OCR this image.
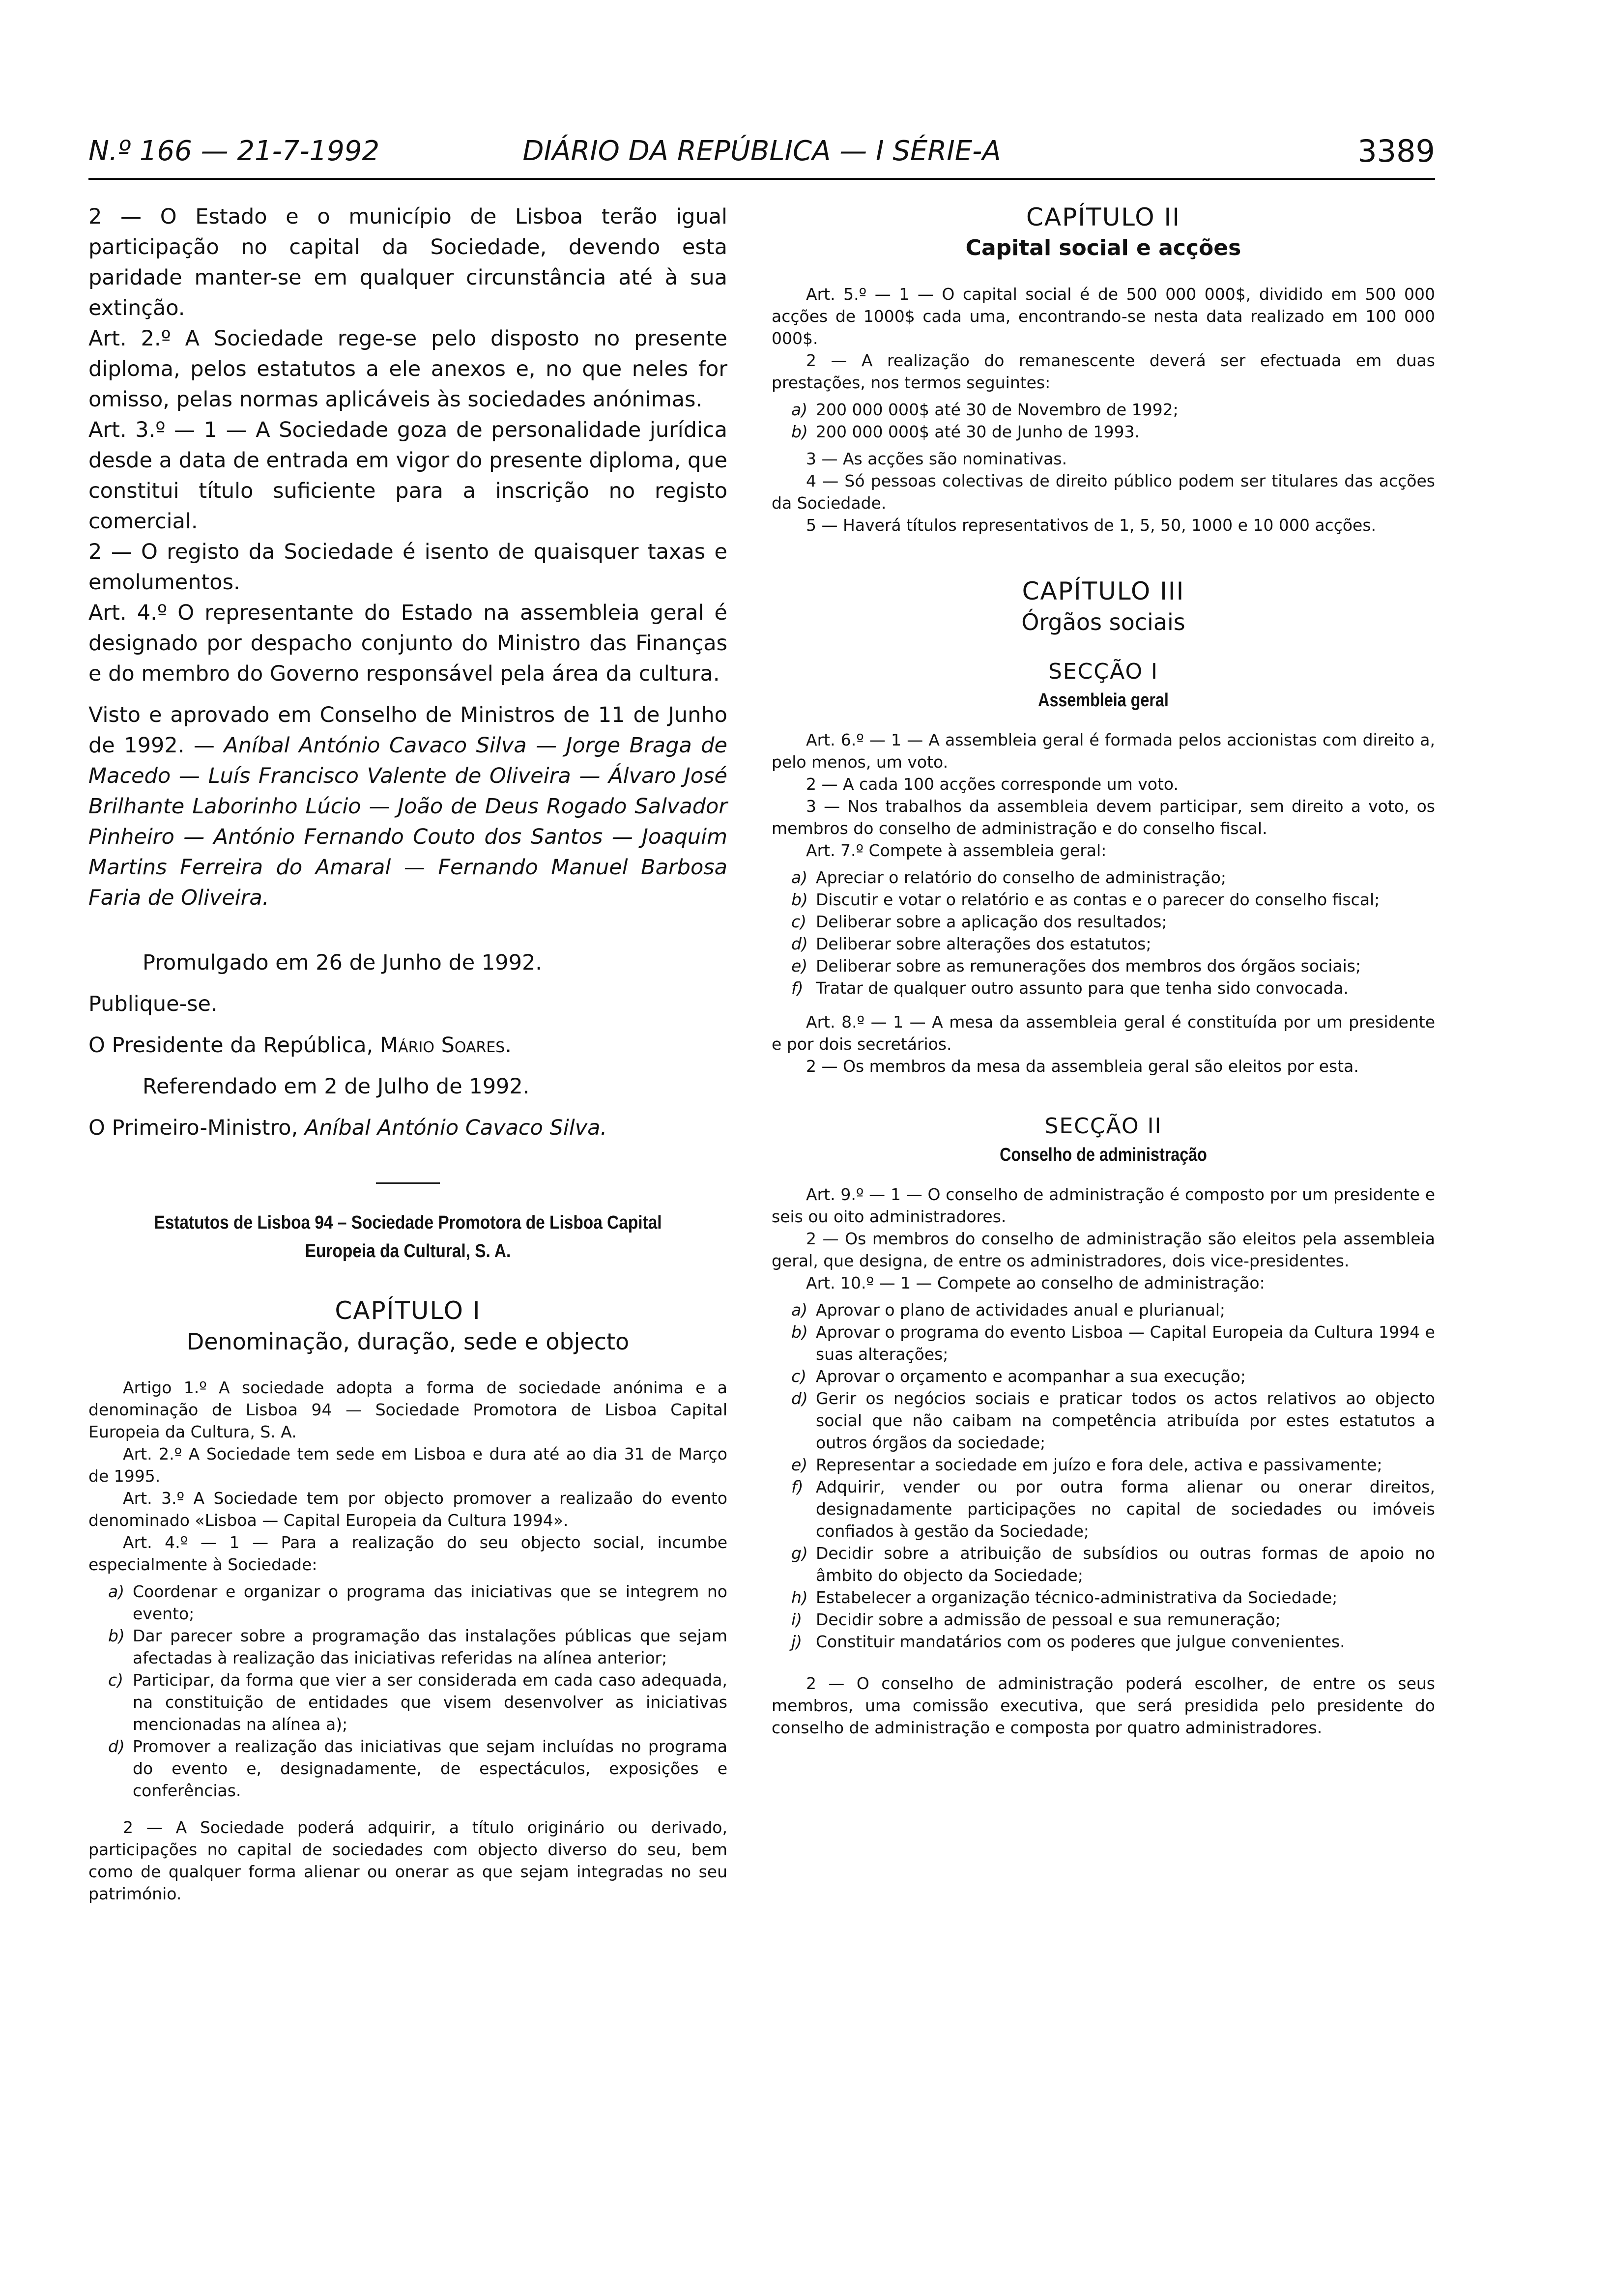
N.º 166 — 21-7-1992	DIÁRIO DA REPÚBLICA — I SÉRIE-A	3389

2 — O Estado e o município de Lisboa terão igual participação no capital da Sociedade, devendo esta paridade manter-se em qualquer circunstância até à sua extinção.

Art. 2.º A Sociedade rege-se pelo disposto no presente diploma, pelos estatutos a ele anexos e, no que neles for omisso, pelas normas aplicáveis às sociedades anónimas.

Art. 3.º — 1 — A Sociedade goza de personalidade jurídica desde a data de entrada em vigor do presente diploma, que constitui título suficiente para a inscrição no registo comercial.

2 — O registo da Sociedade é isento de quaisquer taxas e emolumentos.

Art. 4.º O representante do Estado na assembleia geral é designado por despacho conjunto do Ministro das Finanças e do membro do Governo responsável pela área da cultura.

Visto e aprovado em Conselho de Ministros de 11 de Junho de 1992. — Aníbal António Cavaco Silva — Jorge Braga de Macedo — Luís Francisco Valente de Oliveira — Álvaro José Brilhante Laborinho Lúcio — João de Deus Rogado Salvador Pinheiro — António Fernando Couto dos Santos — Joaquim Martins Ferreira do Amaral — Fernando Manuel Barbosa Faria de Oliveira.

Promulgado em 26 de Junho de 1992.

Publique-se.

O Presidente da República, Mário Soares.

Referendado em 2 de Julho de 1992.

O Primeiro-Ministro, Aníbal António Cavaco Silva.

Estatutos de Lisboa 94 – Sociedade Promotora de Lisboa Capital Europeia da Cultural, S. A.

CAPÍTULO I

Denominação, duração, sede e objecto

Artigo 1.º A sociedade adopta a forma de sociedade anónima e a denominação de Lisboa 94 — Sociedade Promotora de Lisboa Capital Europeia da Cultura, S. A.

Art. 2.º A Sociedade tem sede em Lisboa e dura até ao dia 31 de Março de 1995.

Art. 3.º A Sociedade tem por objecto promover a realizaão do evento denominado «Lisboa — Capital Europeia da Cultura 1994».

Art. 4.º — 1 — Para a realização do seu objecto social, incumbe especialmente à Sociedade:

a) Coordenar e organizar o programa das iniciativas que se integrem no evento;
b) Dar parecer sobre a programação das instalações públicas que sejam afectadas à realização das iniciativas referidas na alínea anterior;
c) Participar, da forma que vier a ser considerada em cada caso adequada, na constituição de entidades que visem desenvolver as iniciativas mencionadas na alínea a);
d) Promover a realização das iniciativas que sejam incluídas no programa do evento e, designadamente, de espectáculos, exposições e conferências.

2 — A Sociedade poderá adquirir, a título originário ou derivado, participações no capital de sociedades com objecto diverso do seu, bem como de qualquer forma alienar ou onerar as que sejam integradas no seu património.

CAPÍTULO II

Capital social e acções

Art. 5.º — 1 — O capital social é de 500 000 000$, dividido em 500 000 acções de 1000$ cada uma, encontrando-se nesta data realizado em 100 000 000$.

2 — A realização do remanescente deverá ser efectuada em duas prestações, nos termos seguintes:

a) 200 000 000$ até 30 de Novembro de 1992;
b) 200 000 000$ até 30 de Junho de 1993.

3 — As acções são nominativas.

4 — Só pessoas colectivas de direito público podem ser titulares das acções da Sociedade.

5 — Haverá títulos representativos de 1, 5, 50, 1000 e 10 000 acções.

CAPÍTULO III

Órgãos sociais

SECÇÃO I

Assembleia geral

Art. 6.º — 1 — A assembleia geral é formada pelos accionistas com direito a, pelo menos, um voto.

2 — A cada 100 acções corresponde um voto.

3 — Nos trabalhos da assembleia devem participar, sem direito a voto, os membros do conselho de administração e do conselho fiscal.

Art. 7.º Compete à assembleia geral:

a) Apreciar o relatório do conselho de administração;
b) Discutir e votar o relatório e as contas e o parecer do conselho fiscal;
c) Deliberar sobre a aplicação dos resultados;
d) Deliberar sobre alterações dos estatutos;
e) Deliberar sobre as remunerações dos membros dos órgãos sociais;
f) Tratar de qualquer outro assunto para que tenha sido convocada.

Art. 8.º — 1 — A mesa da assembleia geral é constituída por um presidente e por dois secretários.

2 — Os membros da mesa da assembleia geral são eleitos por esta.

SECÇÃO II

Conselho de administração

Art. 9.º — 1 — O conselho de administração é composto por um presidente e seis ou oito administradores.

2 — Os membros do conselho de administração são eleitos pela assembleia geral, que designa, de entre os administradores, dois vice-presidentes.

Art. 10.º — 1 — Compete ao conselho de administração:

a) Aprovar o plano de actividades anual e plurianual;
b) Aprovar o programa do evento Lisboa — Capital Europeia da Cultura 1994 e suas alterações;
c) Aprovar o orçamento e acompanhar a sua execução;
d) Gerir os negócios sociais e praticar todos os actos relativos ao objecto social que não caibam na competência atribuída por estes estatutos a outros órgãos da sociedade;
e) Representar a sociedade em juízo e fora dele, activa e passivamente;
f) Adquirir, vender ou por outra forma alienar ou onerar direitos, designadamente participações no capital de sociedades ou imóveis confiados à gestão da Sociedade;
g) Decidir sobre a atribuição de subsídios ou outras formas de apoio no âmbito do objecto da Sociedade;
h) Estabelecer a organização técnico-administrativa da Sociedade;
i) Decidir sobre a admissão de pessoal e sua remuneração;
j) Constituir mandatários com os poderes que julgue convenientes.

2 — O conselho de administração poderá escolher, de entre os seus membros, uma comissão executiva, que será presidida pelo presidente do conselho de administração e composta por quatro administradores.
